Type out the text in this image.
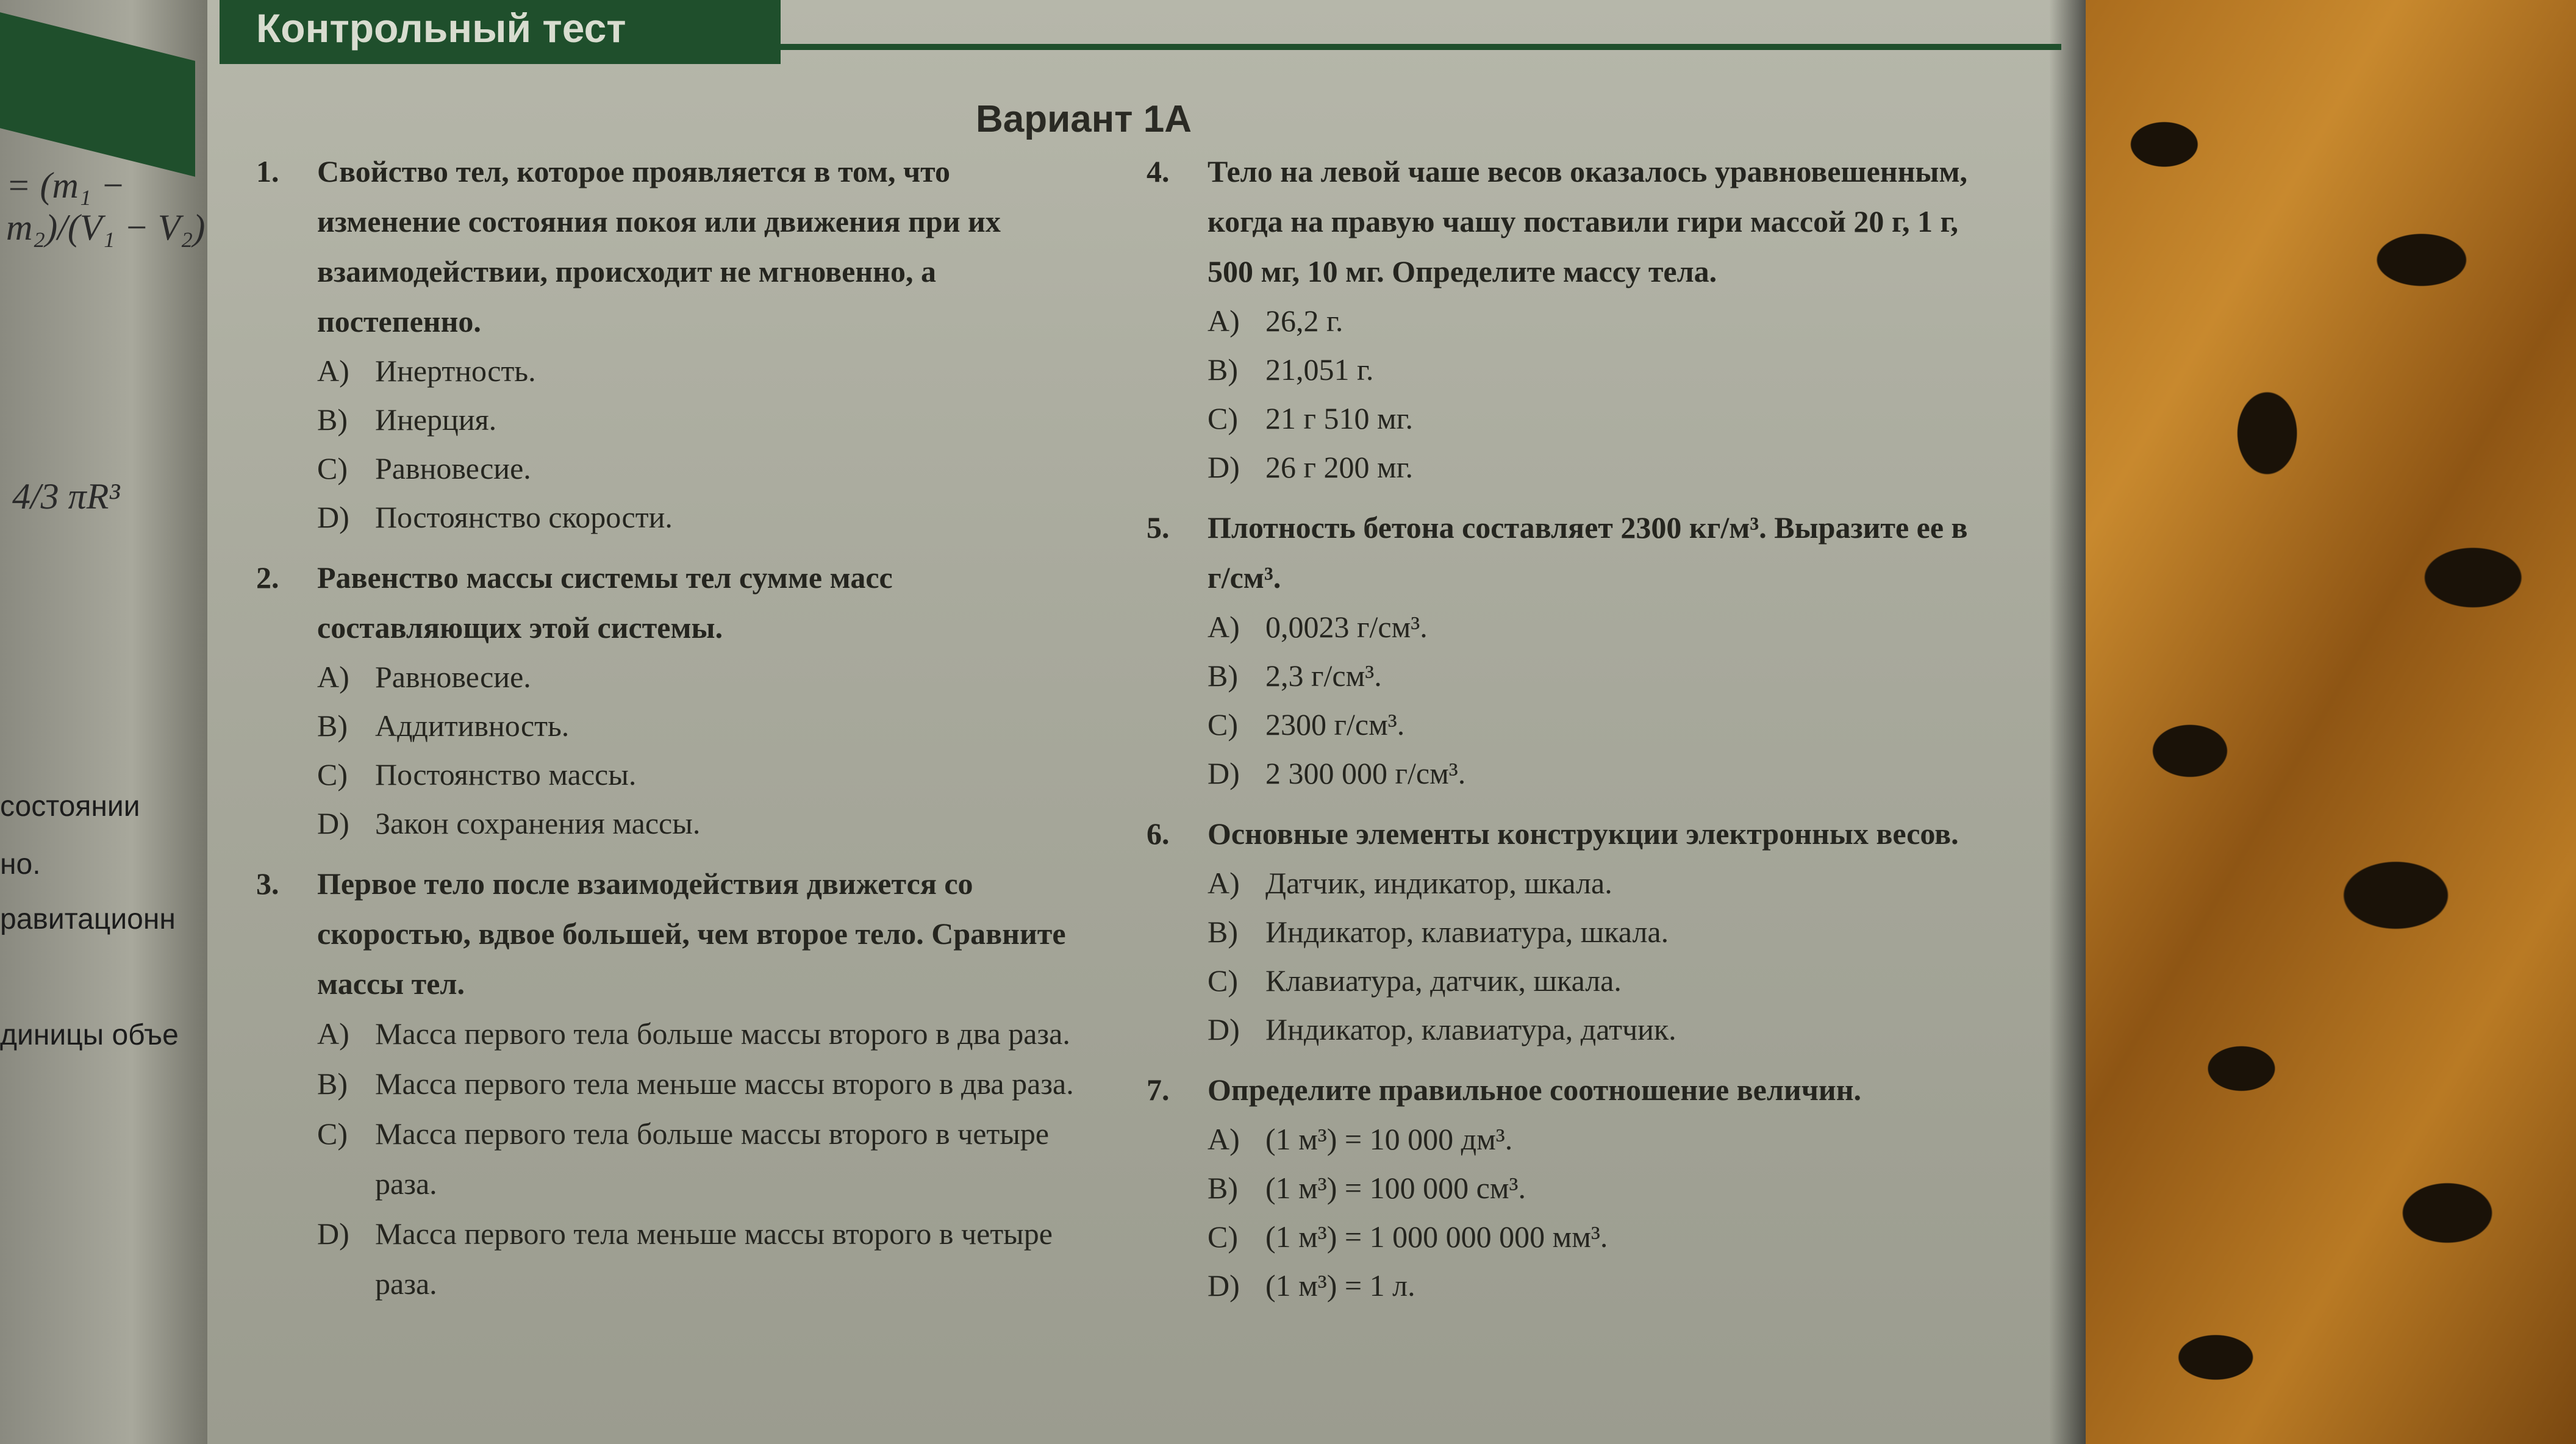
= (m₁ − m₂)/(V₁ − V₂)
4/3 πR³
состоянии
но.
равитационн
диницы объе
Контрольный тест
Вариант 1А
1.	Свойство тел, которое проявляется в том, что изменение состояния покоя или движения при их взаимодействии, происходит не мгновенно, а постепенно.
A) Инертность.
B) Инерция.
C) Равновесие.
D) Постоянство скорости.
2.	Равенство массы системы тел сумме масс составляющих этой системы.
A) Равновесие.
B) Аддитивность.
C) Постоянство массы.
D) Закон сохранения массы.
3.	Первое тело после взаимодействия движется со скоростью, вдвое большей, чем второе тело. Сравните массы тел.
A) Масса первого тела больше массы второго в два раза.
B) Масса первого тела меньше массы второго в два раза.
C) Масса первого тела больше массы второго в четыре раза.
D) Масса первого тела меньше массы второго в четыре раза.
4.	Тело на левой чаше весов оказалось уравновешенным, когда на правую чашу поставили гири массой 20 г, 1 г, 500 мг, 10 мг. Определите массу тела.
A) 26,2 г.
B) 21,051 г.
C) 21 г 510 мг.
D) 26 г 200 мг.
5.	Плотность бетона составляет 2300 кг/м³. Выразите ее в г/см³.
A) 0,0023 г/см³.
B) 2,3 г/см³.
C) 2300 г/см³.
D) 2 300 000 г/см³.
6.	Основные элементы конструкции электронных весов.
A) Датчик, индикатор, шкала.
B) Индикатор, клавиатура, шкала.
C) Клавиатура, датчик, шкала.
D) Индикатор, клавиатура, датчик.
7.	Определите правильное соотношение величин.
A) (1 м³) = 10 000 дм³.
B) (1 м³) = 100 000 см³.
C) (1 м³) = 1 000 000 000 мм³.
D) (1 м³) = 1 л.
